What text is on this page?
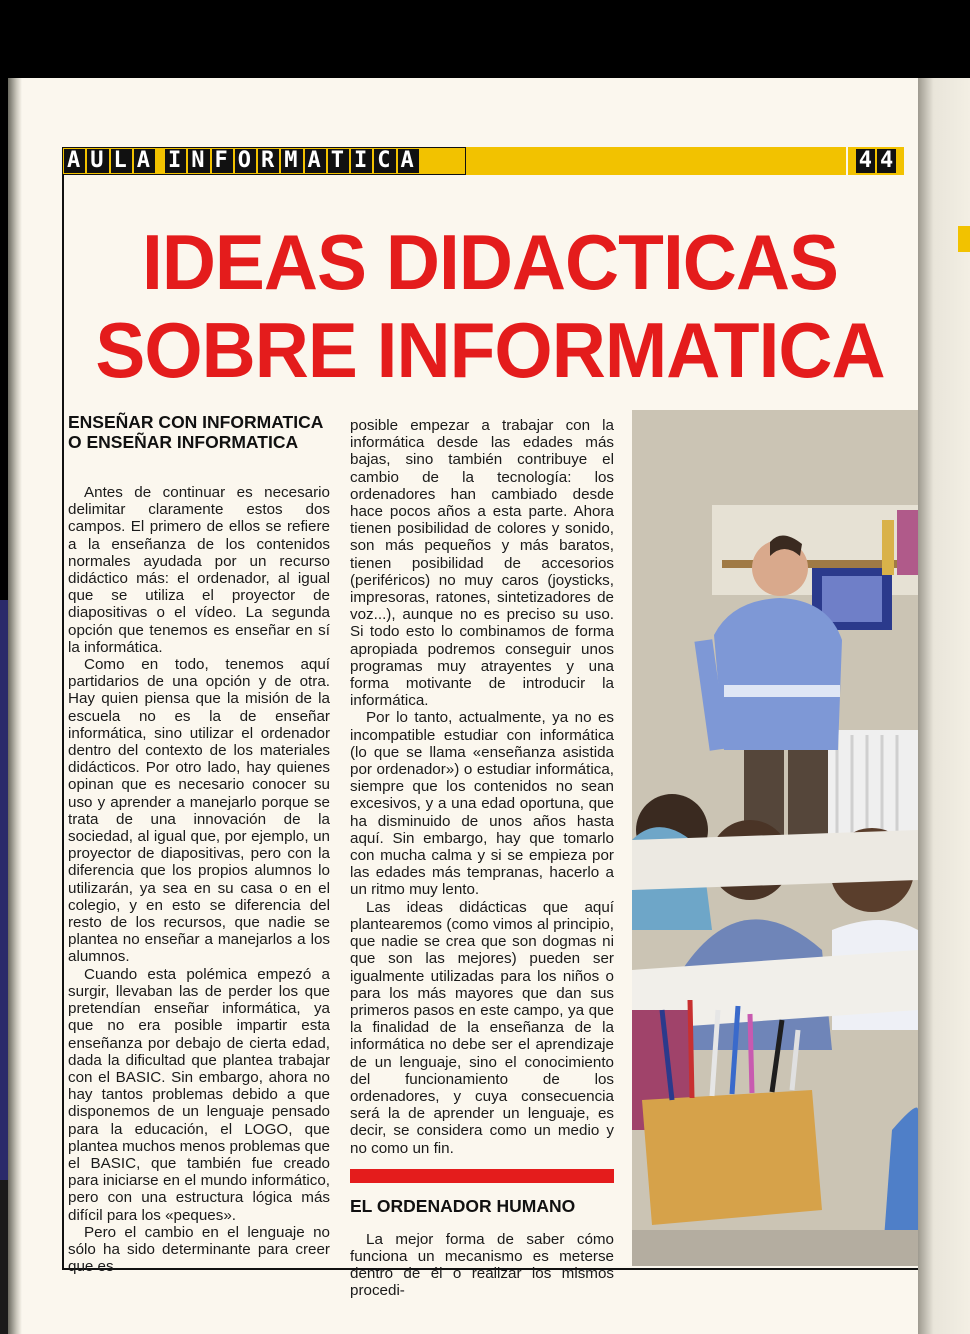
A U L A I N F O R M A T I C A	4 4
IDEAS DIDACTICAS
SOBRE INFORMATICA
ENSEÑAR CON INFORMATICA O ENSEÑAR INFORMATICA

Antes de continuar es necesario delimitar claramente estos dos campos. El primero de ellos se refiere a la enseñanza de los contenidos normales ayudada por un recurso didáctico más: el ordenador, al igual que se utiliza el proyector de diapositivas o el vídeo. La segunda opción que tenemos es enseñar en sí la informática.

Como en todo, tenemos aquí partidarios de una opción y de otra. Hay quien piensa que la misión de la escuela no es la de enseñar informática, sino utilizar el ordenador dentro del contexto de los materiales didácticos. Por otro lado, hay quienes opinan que es necesario conocer su uso y aprender a manejarlo porque se trata de una innovación de la sociedad, al igual que, por ejemplo, un proyector de diapositivas, pero con la diferencia que los propios alumnos lo utilizarán, ya sea en su casa o en el colegio, y en esto se diferencia del resto de los recursos, que nadie se plantea no enseñar a manejarlos a los alumnos.

Cuando esta polémica empezó a surgir, llevaban las de perder los que pretendían enseñar informática, ya que no era posible impartir esta enseñanza por debajo de cierta edad, dada la dificultad que plantea trabajar con el BASIC. Sin embargo, ahora no hay tantos problemas debido a que disponemos de un lenguaje pensado para la educación, el LOGO, que plantea muchos menos problemas que el BASIC, que también fue creado para iniciarse en el mundo informático, pero con una estructura lógica más difícil para los «peques».

Pero el cambio en el lenguaje no sólo ha sido determinante para creer que es

posible empezar a trabajar con la informática desde las edades más bajas, sino también contribuye el cambio de la tecnología: los ordenadores han cambiado desde hace pocos años a esta parte. Ahora tienen posibilidad de colores y sonido, son más pequeños y más baratos, tienen posibilidad de accesorios (periféricos) no muy caros (joysticks, impresoras, ratones, sintetizadores de voz...), aunque no es preciso su uso. Si todo esto lo combinamos de forma apropiada podremos conseguir unos programas muy atrayentes y una forma motivante de introducir la informática.

Por lo tanto, actualmente, ya no es incompatible estudiar con informática (lo que se llama «enseñanza asistida por ordenador») o estudiar informática, siempre que los contenidos no sean excesivos, y a una edad oportuna, que ha disminuido de unos años hasta aquí. Sin embargo, hay que tomarlo con mucha calma y si se empieza por las edades más tempranas, hacerlo a un ritmo muy lento.

Las ideas didácticas que aquí plantearemos (como vimos al principio, que nadie se crea que son dogmas ni que son las mejores) pueden ser igualmente utilizadas para los niños o para los más mayores que dan sus primeros pasos en este campo, ya que la finalidad de la enseñanza de la informática no debe ser el aprendizaje de un lenguaje, sino el conocimiento del funcionamiento de los ordenadores, y cuya consecuencia será la de aprender un lenguaje, es decir, se considera como un medio y no como un fin.

EL ORDENADOR HUMANO

La mejor forma de saber cómo funciona un mecanismo es meterse dentro de él o realizar los mismos procedi-
